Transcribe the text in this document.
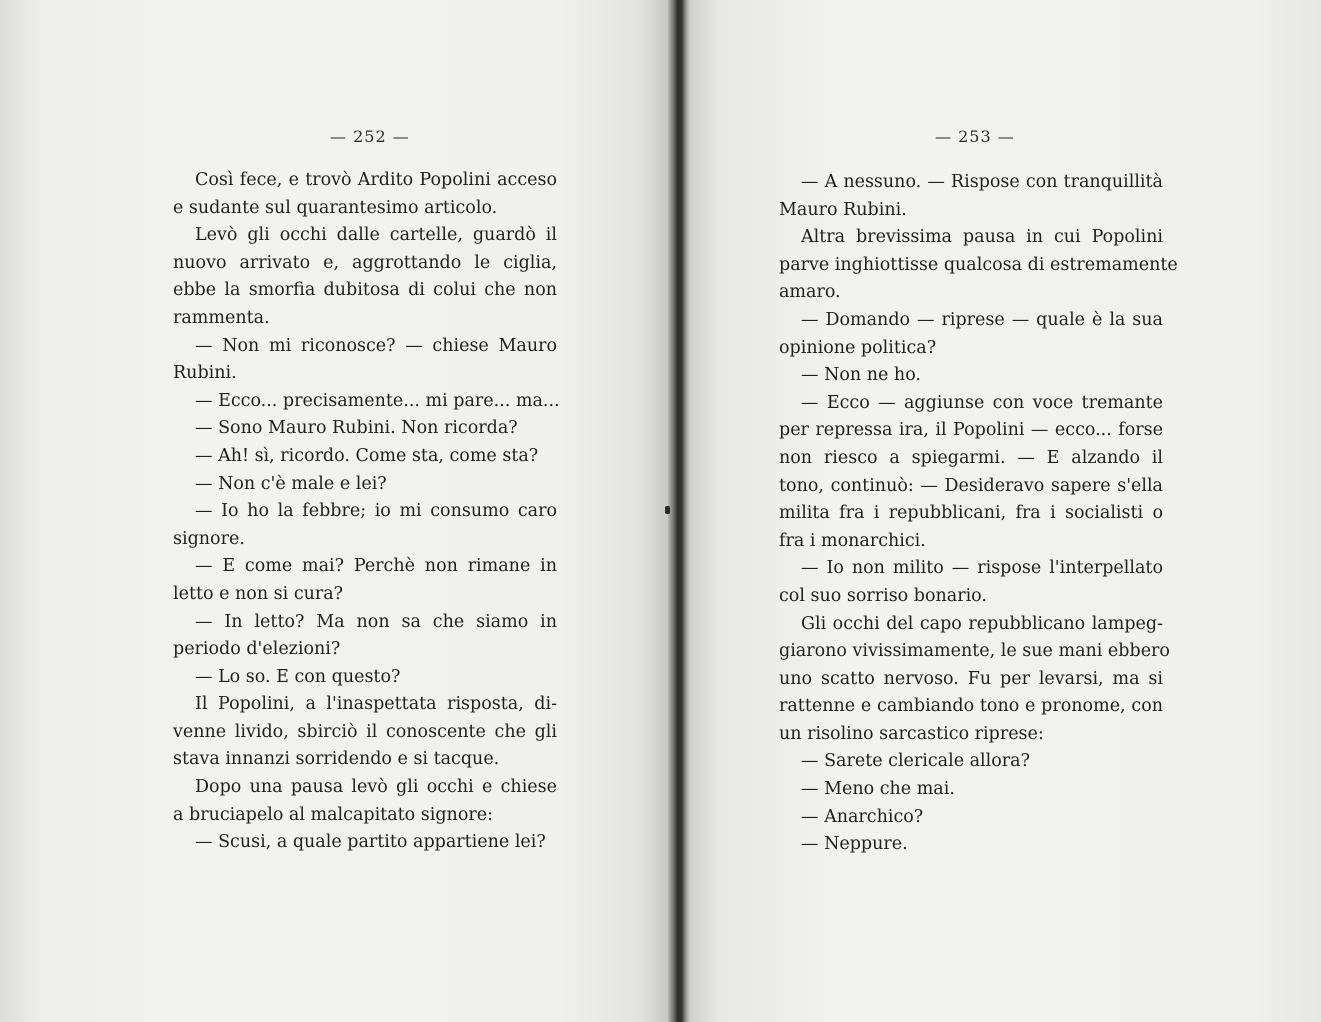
— 252 —	— 253 —
Così fece, e trovò Ardito Popolini acceso
e sudante sul quarantesimo articolo.
Levò gli occhi dalle cartelle, guardò il
nuovo arrivato e, aggrottando le ciglia,
ebbe la smorfia dubitosa di colui che non
rammenta.
— Non mi riconosce? — chiese Mauro
Rubini.
— Ecco... precisamente... mi pare... ma...
— Sono Mauro Rubini. Non ricorda?
— Ah! sì, ricordo. Come sta, come sta?
— Non c'è male e lei?
— Io ho la febbre; io mi consumo caro
signore.
— E come mai? Perchè non rimane in
letto e non si cura?
— In letto? Ma non sa che siamo in
periodo d'elezioni?
— Lo so. E con questo?
Il Popolini, a l'inaspettata risposta, di-
venne livido, sbirciò il conoscente che gli
stava innanzi sorridendo e si tacque.
Dopo una pausa levò gli occhi e chiese
a bruciapelo al malcapitato signore:
— Scusi, a quale partito appartiene lei?
— A nessuno. — Rispose con tranquillità
Mauro Rubini.
Altra brevissima pausa in cui Popolini
parve inghiottisse qualcosa di estremamente
amaro.
— Domando — riprese — quale è la sua
opinione politica?
— Non ne ho.
— Ecco — aggiunse con voce tremante
per repressa ira, il Popolini — ecco... forse
non riesco a spiegarmi. — E alzando il
tono, continuò: — Desideravo sapere s'ella
milita fra i repubblicani, fra i socialisti o
fra i monarchici.
— Io non milito — rispose l'interpellato
col suo sorriso bonario.
Gli occhi del capo repubblicano lampeg-
giarono vivissimamente, le sue mani ebbero
uno scatto nervoso. Fu per levarsi, ma si
rattenne e cambiando tono e pronome, con
un risolino sarcastico riprese:
— Sarete clericale allora?
— Meno che mai.
— Anarchico?
— Neppure.
